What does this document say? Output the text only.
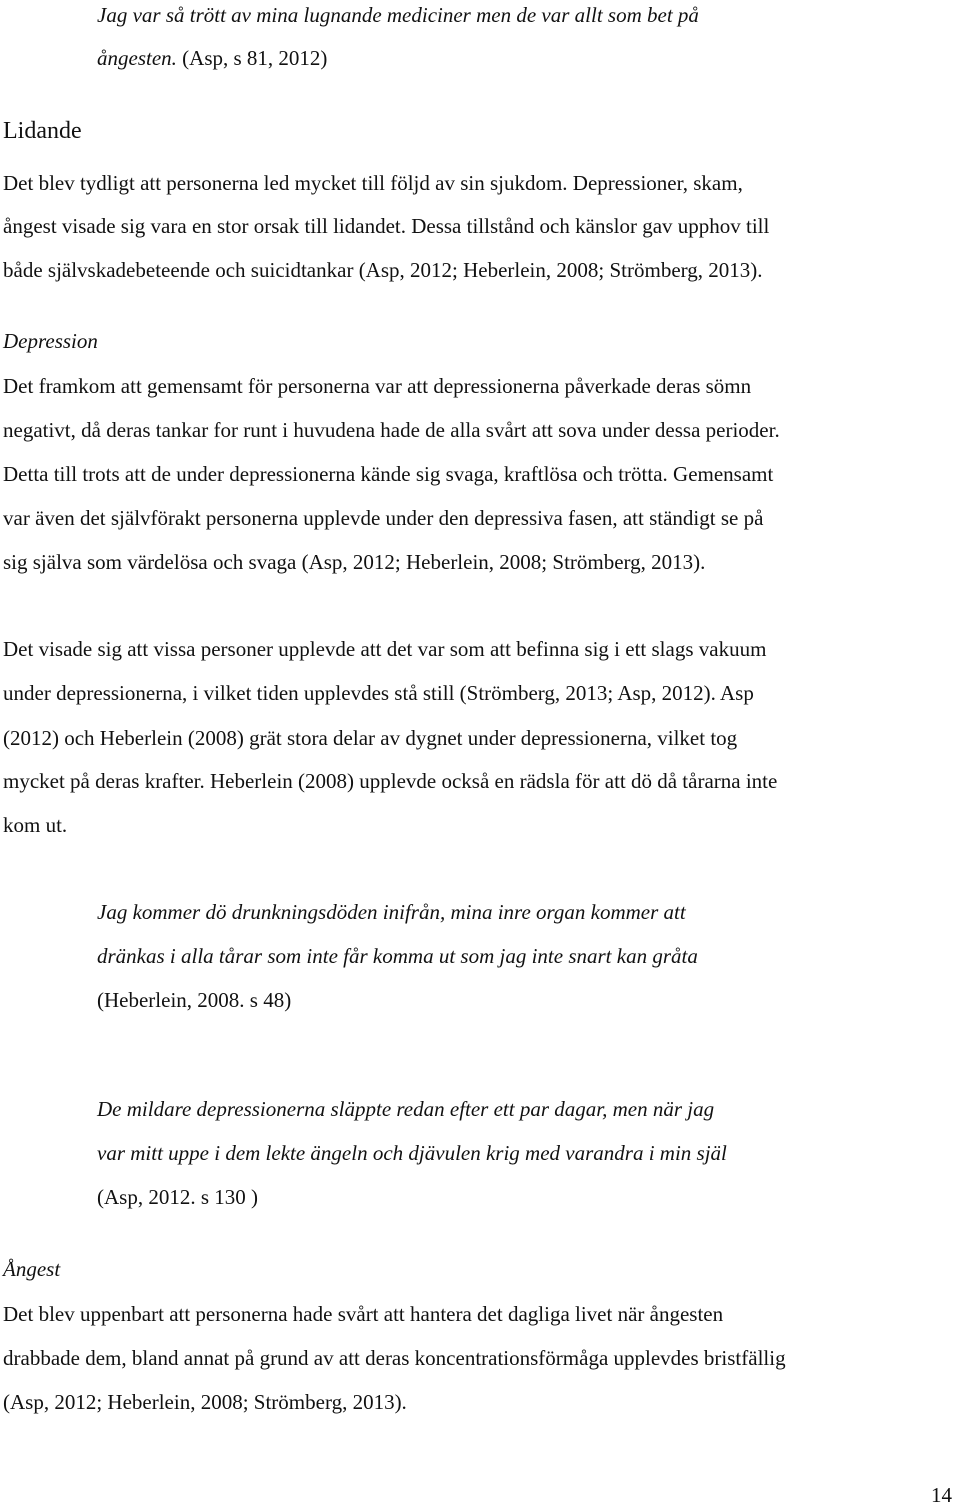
Jag var så trött av mina lugnande mediciner men de var allt som bet på
ångesten. (Asp, s 81, 2012)
Lidande
Det blev tydligt att personerna led mycket till följd av sin sjukdom. Depressioner, skam,
ångest visade sig vara en stor orsak till lidandet. Dessa tillstånd och känslor gav upphov till
både självskadebeteende och suicidtankar (Asp, 2012; Heberlein, 2008; Strömberg, 2013).
Depression
Det framkom att gemensamt för personerna var att depressionerna påverkade deras sömn
negativt, då deras tankar for runt i huvudena hade de alla svårt att sova under dessa perioder.
Detta till trots att de under depressionerna kände sig svaga, kraftlösa och trötta. Gemensamt
var även det självförakt personerna upplevde under den depressiva fasen, att ständigt se på
sig själva som värdelösa och svaga (Asp, 2012; Heberlein, 2008; Strömberg, 2013).
Det visade sig att vissa personer upplevde att det var som att befinna sig i ett slags vakuum
under depressionerna, i vilket tiden upplevdes stå still (Strömberg, 2013; Asp, 2012). Asp
(2012) och Heberlein (2008) grät stora delar av dygnet under depressionerna, vilket tog
mycket på deras krafter. Heberlein (2008) upplevde också en rädsla för att dö då tårarna inte
kom ut.
Jag kommer dö drunkningsdöden inifrån, mina inre organ kommer att
dränkas i alla tårar som inte får komma ut som jag inte snart kan gråta
(Heberlein, 2008. s 48)
De mildare depressionerna släppte redan efter ett par dagar, men när jag
var mitt uppe i dem lekte ängeln och djävulen krig med varandra i min själ
(Asp, 2012. s 130 )
Ångest
Det blev uppenbart att personerna hade svårt att hantera det dagliga livet när ångesten
drabbade dem, bland annat på grund av att deras koncentrationsförmåga upplevdes bristfällig
(Asp, 2012; Heberlein, 2008; Strömberg, 2013).
14
